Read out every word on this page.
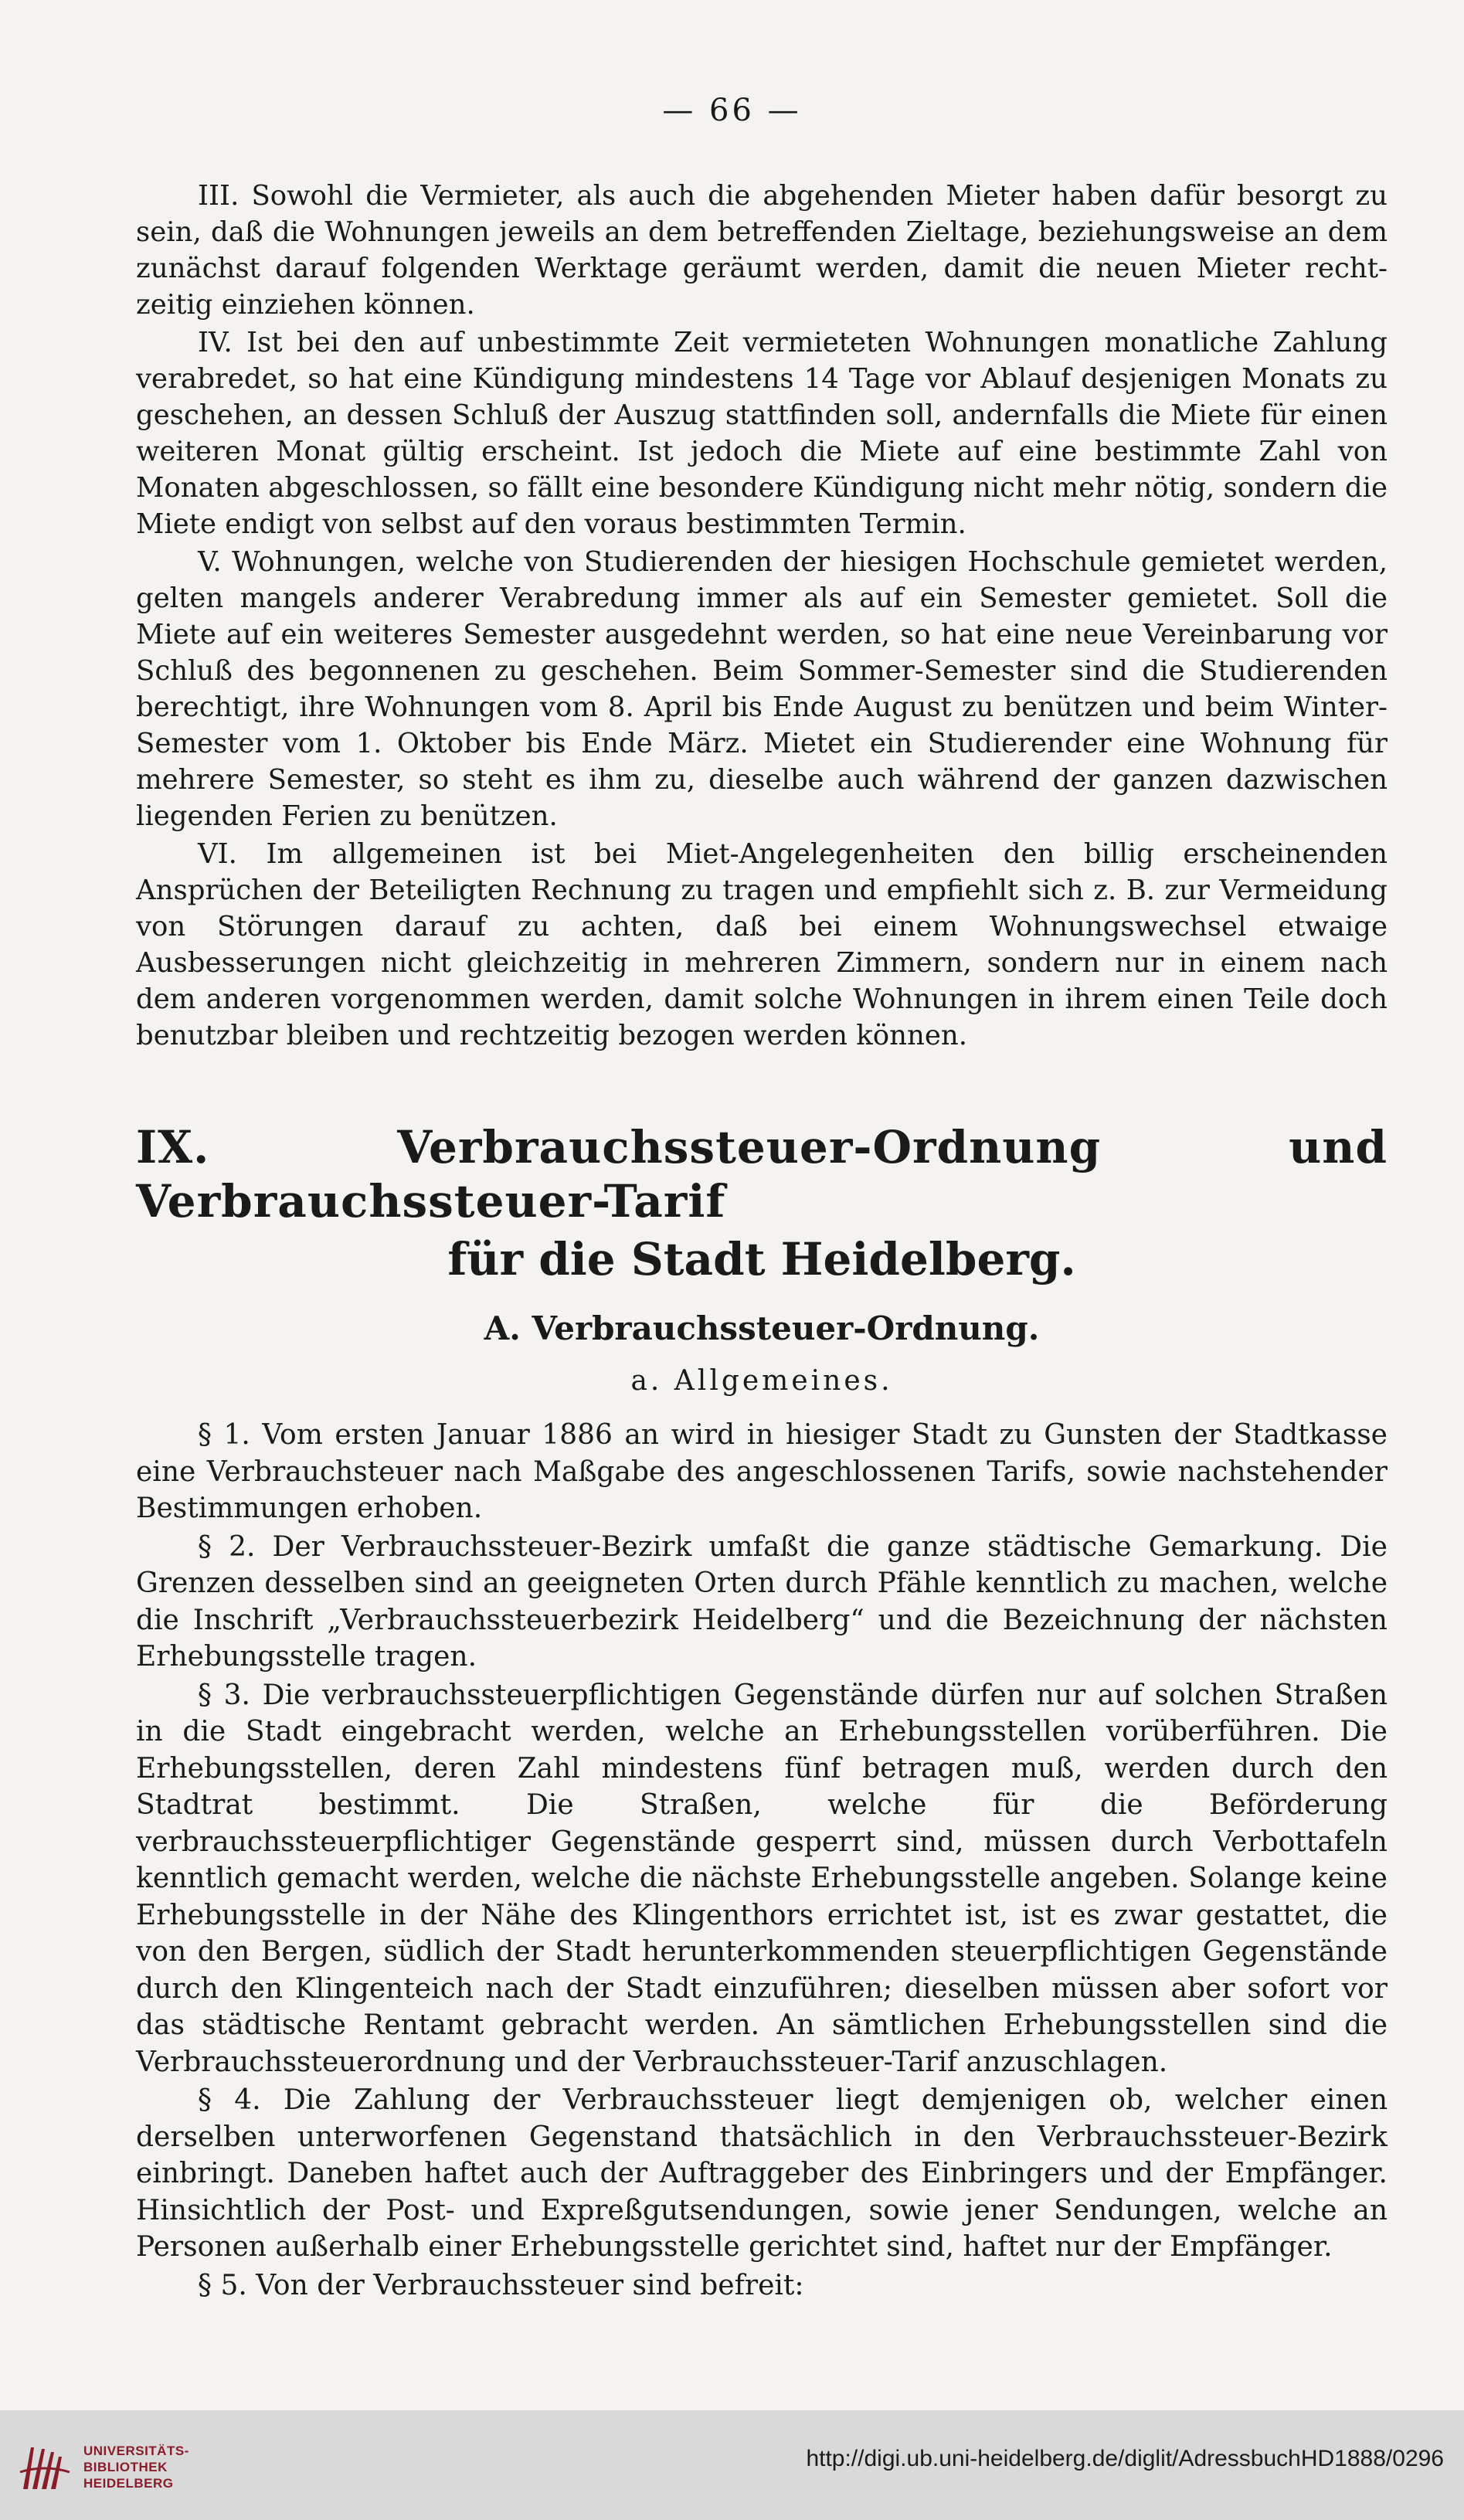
— 66 —

III. Sowohl die Vermieter, als auch die abgehenden Mieter haben dafür besorgt zu sein, daß die Wohnungen jeweils an dem betreffenden Zieltage, beziehungsweise an dem zunächst darauf folgenden Werktage geräumt werden, damit die neuen Mieter recht-zeitig einziehen können.

IV. Ist bei den auf unbestimmte Zeit vermieteten Wohnungen monatliche Zahlung verabredet, so hat eine Kündigung mindestens 14 Tage vor Ablauf desjenigen Monats zu geschehen, an dessen Schluß der Auszug stattfinden soll, andernfalls die Miete für einen weiteren Monat gültig erscheint. Ist jedoch die Miete auf eine bestimmte Zahl von Monaten abgeschlossen, so fällt eine besondere Kündigung nicht mehr nötig, sondern die Miete endigt von selbst auf den voraus bestimmten Termin.

V. Wohnungen, welche von Studierenden der hiesigen Hochschule gemietet werden, gelten mangels anderer Verabredung immer als auf ein Semester gemietet. Soll die Miete auf ein weiteres Semester ausgedehnt werden, so hat eine neue Vereinbarung vor Schluß des begonnenen zu geschehen. Beim Sommer-Semester sind die Studierenden berechtigt, ihre Wohnungen vom 8. April bis Ende August zu benützen und beim Winter-Semester vom 1. Oktober bis Ende März. Mietet ein Studierender eine Wohnung für mehrere Semester, so steht es ihm zu, dieselbe auch während der ganzen dazwischen liegenden Ferien zu benützen.

VI. Im allgemeinen ist bei Miet-Angelegenheiten den billig erscheinenden Ansprüchen der Beteiligten Rechnung zu tragen und empfiehlt sich z. B. zur Vermeidung von Störungen darauf zu achten, daß bei einem Wohnungswechsel etwaige Ausbesserungen nicht gleichzeitig in mehreren Zimmern, sondern nur in einem nach dem anderen vorgenommen werden, damit solche Wohnungen in ihrem einen Teile doch benutzbar bleiben und rechtzeitig bezogen werden können.

IX. Verbrauchssteuer-Ordnung und Verbrauchssteuer-Tarif
für die Stadt Heidelberg.
A. Verbrauchssteuer-Ordnung.
a. Allgemeines.

§ 1. Vom ersten Januar 1886 an wird in hiesiger Stadt zu Gunsten der Stadtkasse eine Verbrauchsteuer nach Maßgabe des angeschlossenen Tarifs, sowie nachstehender Bestimmungen erhoben.

§ 2. Der Verbrauchssteuer-Bezirk umfaßt die ganze städtische Gemarkung. Die Grenzen desselben sind an geeigneten Orten durch Pfähle kenntlich zu machen, welche die Inschrift „Verbrauchssteuerbezirk Heidelberg“ und die Bezeichnung der nächsten Erhebungsstelle tragen.

§ 3. Die verbrauchssteuerpflichtigen Gegenstände dürfen nur auf solchen Straßen in die Stadt eingebracht werden, welche an Erhebungsstellen vorüberführen. Die Erhebungsstellen, deren Zahl mindestens fünf betragen muß, werden durch den Stadtrat bestimmt. Die Straßen, welche für die Beförderung verbrauchssteuerpflichtiger Gegenstände gesperrt sind, müssen durch Verbottafeln kenntlich gemacht werden, welche die nächste Erhebungsstelle angeben. Solange keine Erhebungsstelle in der Nähe des Klingenthors errichtet ist, ist es zwar gestattet, die von den Bergen, südlich der Stadt herunterkommenden steuerpflichtigen Gegenstände durch den Klingenteich nach der Stadt einzuführen; dieselben müssen aber sofort vor das städtische Rentamt gebracht werden. An sämtlichen Erhebungsstellen sind die Verbrauchssteuerordnung und der Verbrauchssteuer-Tarif anzuschlagen.

§ 4. Die Zahlung der Verbrauchssteuer liegt demjenigen ob, welcher einen derselben unterworfenen Gegenstand thatsächlich in den Verbrauchssteuer-Bezirk einbringt. Daneben haftet auch der Auftraggeber des Einbringers und der Empfänger. Hinsichtlich der Post- und Expreßgutsendungen, sowie jener Sendungen, welche an Personen außerhalb einer Erhebungsstelle gerichtet sind, haftet nur der Empfänger.

§ 5. Von der Verbrauchssteuer sind befreit:

UNIVERSITÄTS-
BIBLIOTHEK
HEIDELBERG
http://digi.ub.uni-heidelberg.de/diglit/AdressbuchHD1888/0296
